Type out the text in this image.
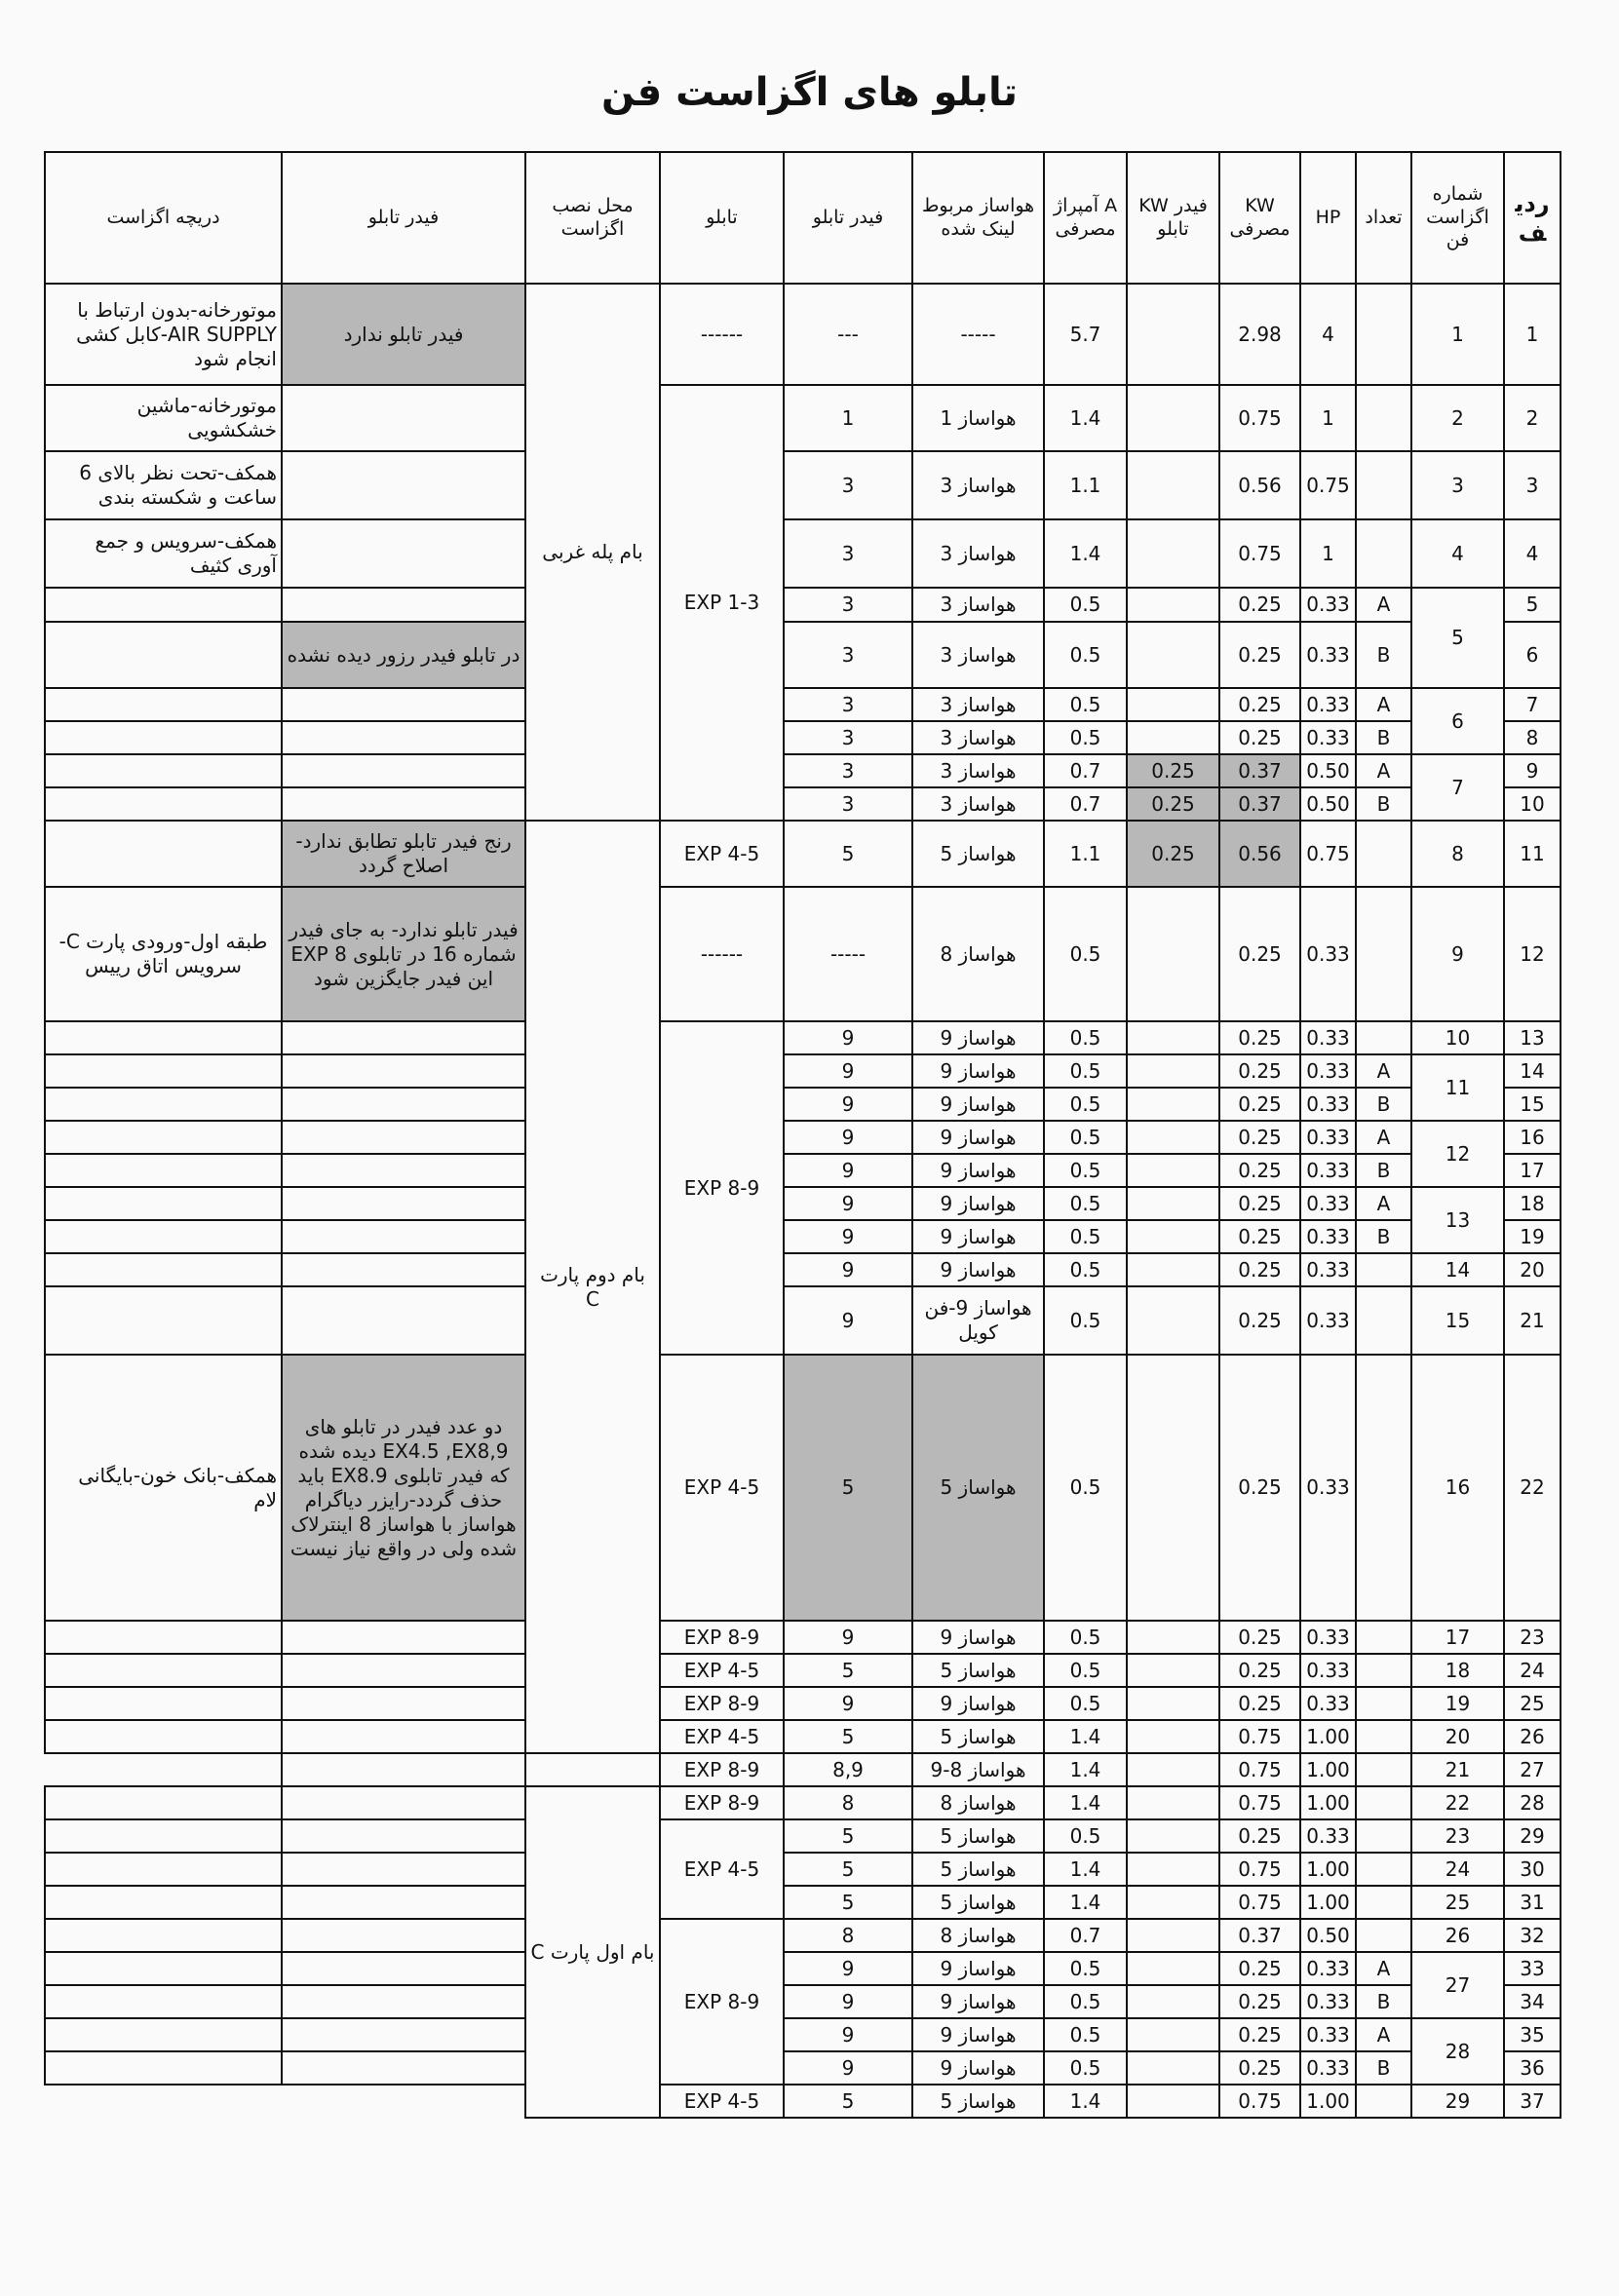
تابلو های اگزاست فن
ردیف	شماره اگزاست فن	تعداد	HP	KW مصرفی	فیدر KW تابلو	A آمپراژ مصرفی	هواساز مربوط لینک شده	فیدر تابلو	تابلو	محل نصب اگزاست	فیدر تابلو	دریچه اگزاست
1	1		4	2.98		5.7	-----	---	------	بام پله غربی	فیدر تابلو ندارد	موتورخانه-بدون ارتباط با AIR SUPPLY-کابل کشی انجام شود
2	2		1	0.75		1.4	هواساز 1	1	EXP 1-3			موتورخانه-ماشین خشکشویی
3	3		0.75	0.56		1.1	هواساز 3	3				همکف-تحت نظر بالای 6 ساعت و شکسته بندی
4	4		1	0.75		1.4	هواساز 3	3				همکف-سرویس و جمع آوری کثیف
5	5	A	0.33	0.25		0.5	هواساز 3	3				
6		B	0.33	0.25		0.5	هواساز 3	3			در تابلو فیدر رزور دیده نشده	
7	6	A	0.33	0.25		0.5	هواساز 3	3				
8		B	0.33	0.25		0.5	هواساز 3	3				
9	7	A	0.50	0.37	0.25	0.7	هواساز 3	3				
10		B	0.50	0.37	0.25	0.7	هواساز 3	3				
11	8		0.75	0.56	0.25	1.1	هواساز 5	5	EXP 4-5	بام دوم پارت C	رنج فیدر تابلو تطابق ندارد-اصلاح گردد	
12	9		0.33	0.25		0.5	هواساز 8	-----	------		فیدر تابلو ندارد- به جای فیدر شماره 16 در تابلوی EXP 8 این فیدر جایگزین شود	طبقه اول-ورودی پارت C-سرویس اتاق رییس
13	10		0.33	0.25		0.5	هواساز 9	9	EXP 8-9			
14	11	A	0.33	0.25		0.5	هواساز 9	9				
15		B	0.33	0.25		0.5	هواساز 9	9				
16	12	A	0.33	0.25		0.5	هواساز 9	9				
17		B	0.33	0.25		0.5	هواساز 9	9				
18	13	A	0.33	0.25		0.5	هواساز 9	9				
19		B	0.33	0.25		0.5	هواساز 9	9				
20	14		0.33	0.25		0.5	هواساز 9	9				
21	15		0.33	0.25		0.5	هواساز 9-فن کویل	9				
22	16		0.33	0.25		0.5	هواساز 5	5	EXP 4-5		دو عدد فیدر در تابلو های EX4.5 ,EX8,9 دیده شده که فیدر تابلوی EX8.9 باید حذف گردد-رایزر دیاگرام هواساز با هواساز 8 اینترلاک شده ولی در واقع نیاز نیست	همکف-بانک خون-بایگانی لام
23	17		0.33	0.25		0.5	هواساز 9	9	EXP 8-9			
24	18		0.33	0.25		0.5	هواساز 5	5	EXP 4-5			
25	19		0.33	0.25		0.5	هواساز 9	9	EXP 8-9			
26	20		1.00	0.75		1.4	هواساز 5	5	EXP 4-5			
27	21		1.00	0.75		1.4	هواساز 8-9	8,9	EXP 8-9			
28	22		1.00	0.75		1.4	هواساز 8	8	EXP 8-9	بام اول پارت C		
29	23		0.33	0.25		0.5	هواساز 5	5	EXP 4-5			
30	24		1.00	0.75		1.4	هواساز 5	5				
31	25		1.00	0.75		1.4	هواساز 5	5				
32	26		0.50	0.37		0.7	هواساز 8	8	EXP 8-9			
33	27	A	0.33	0.25		0.5	هواساز 9	9				
34		B	0.33	0.25		0.5	هواساز 9	9				
35	28	A	0.33	0.25		0.5	هواساز 9	9				
36		B	0.33	0.25		0.5	هواساز 9	9				
37	29		1.00	0.75		1.4	هواساز 5	5	EXP 4-5			
